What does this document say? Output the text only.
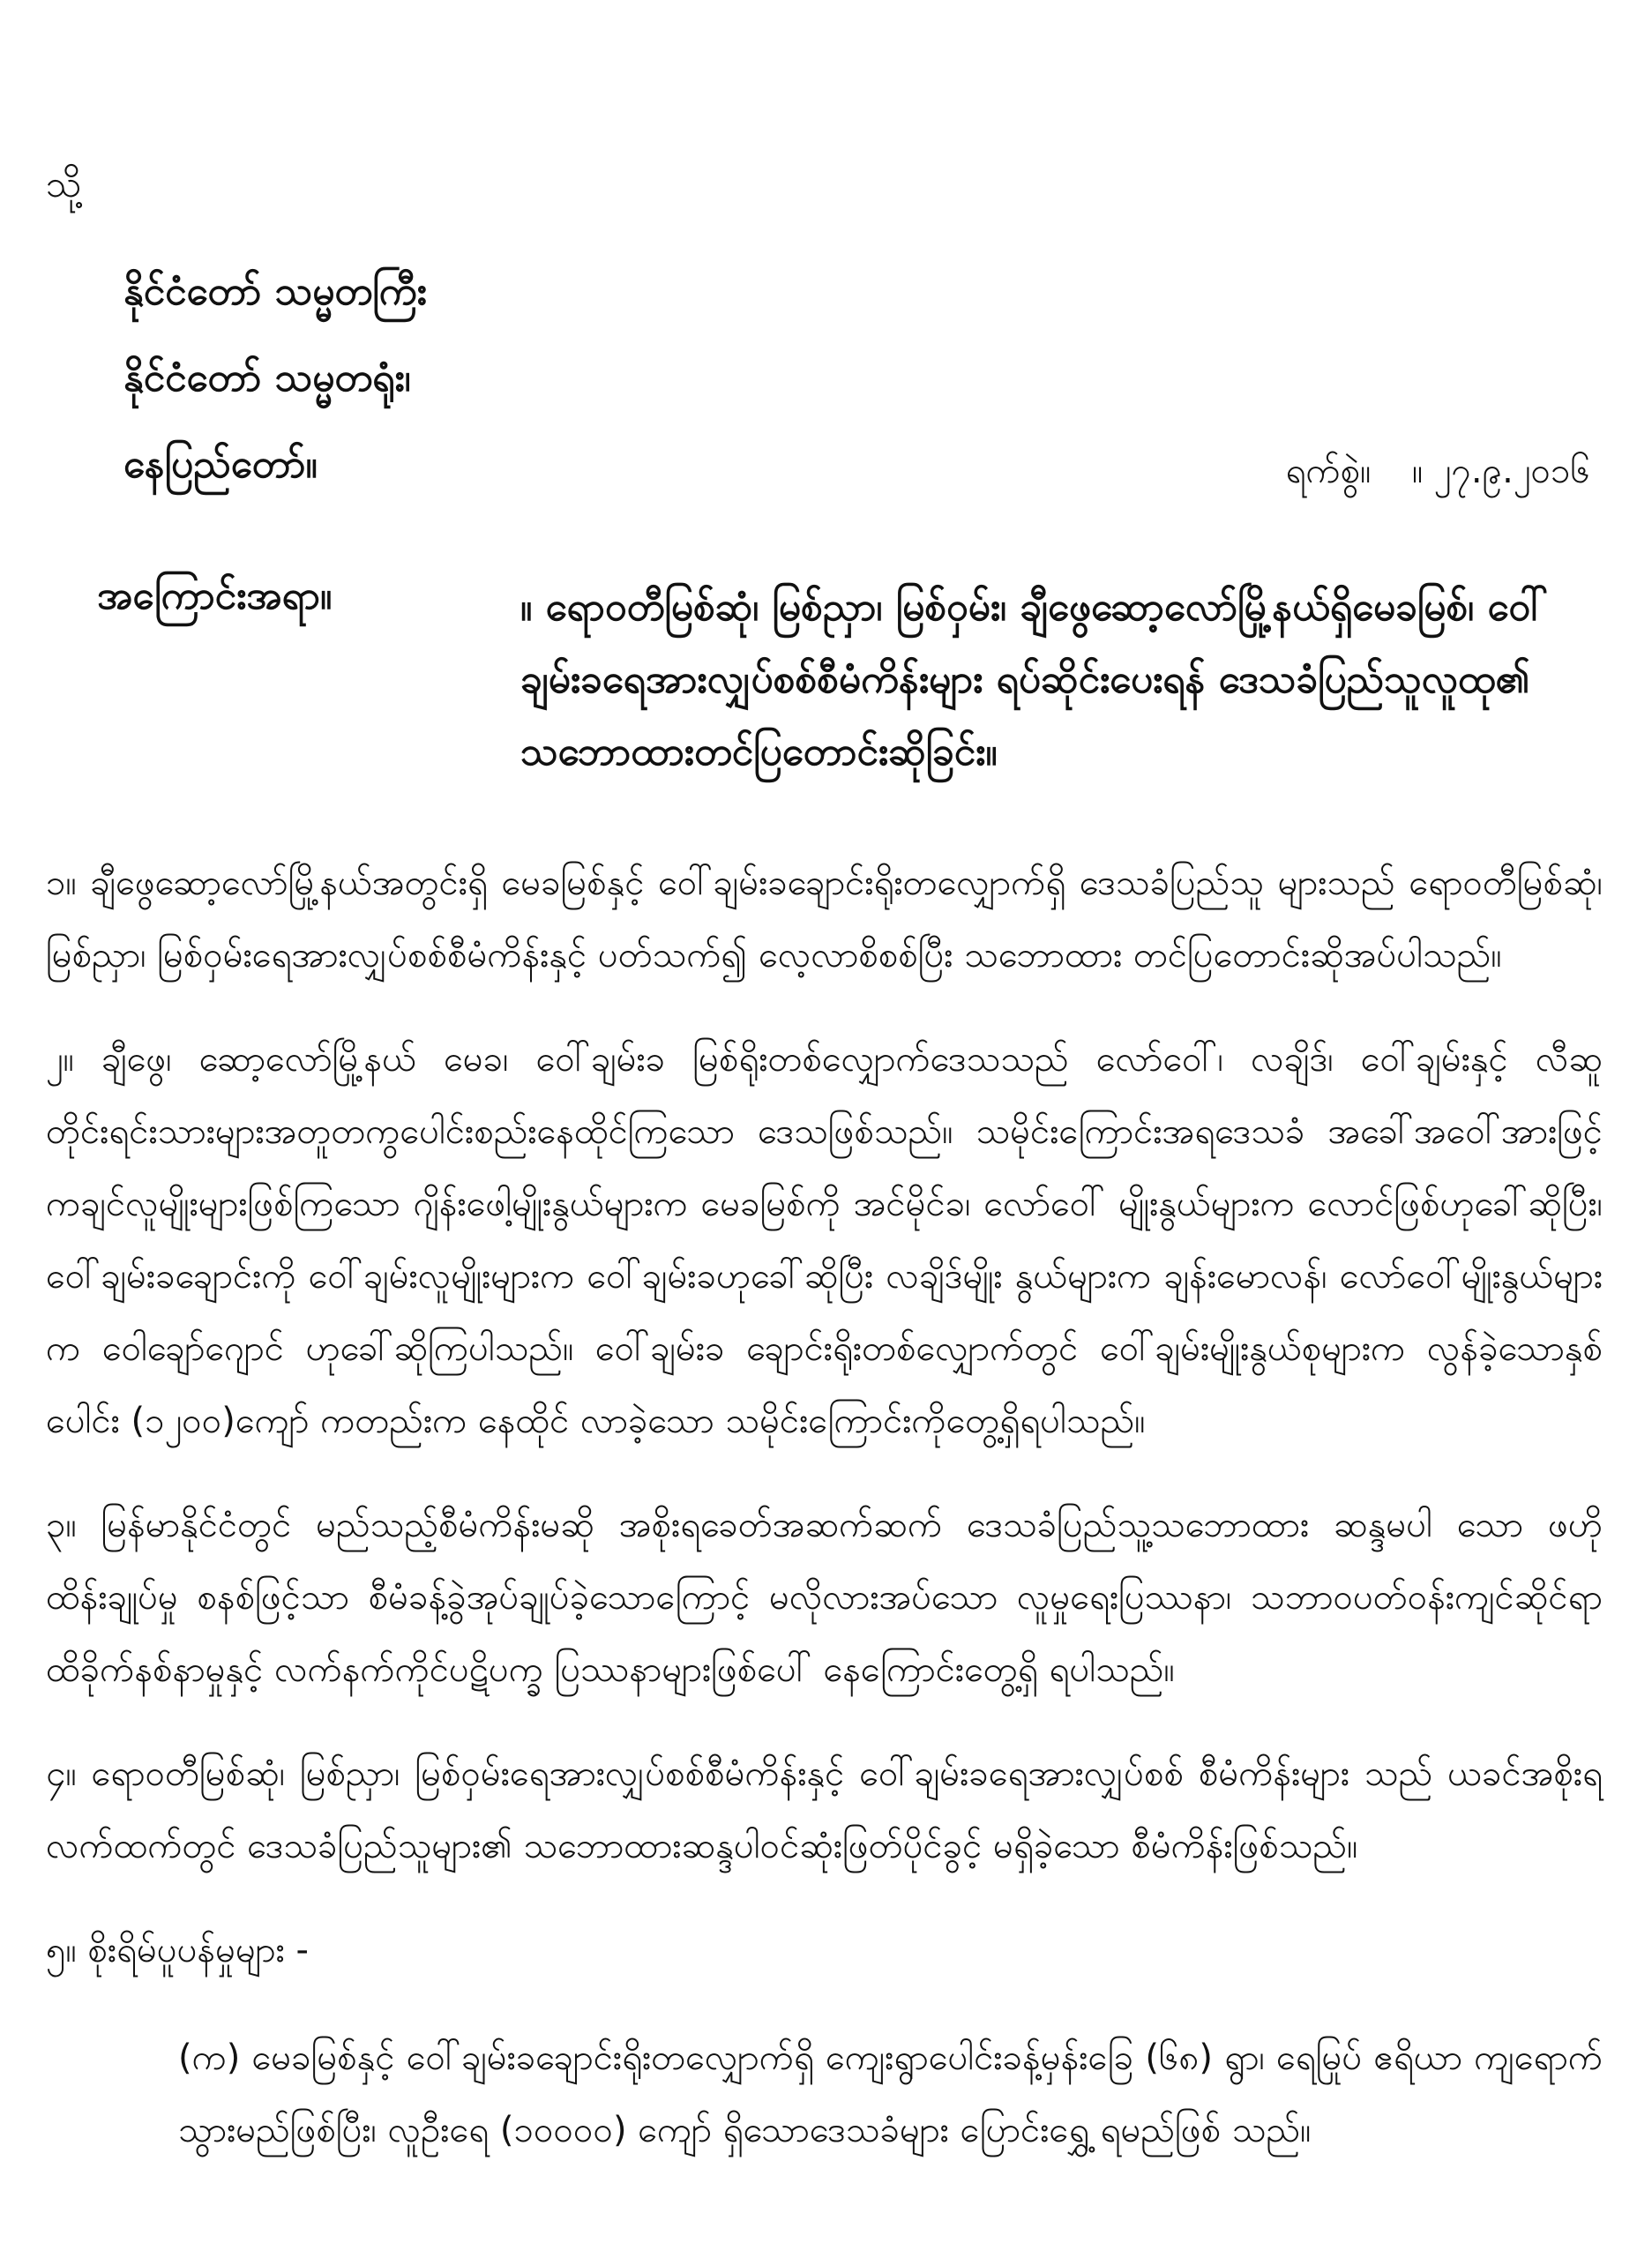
သို့
နိုင်ငံတော် သမ္မတကြီး
နိုင်ငံတော် သမ္မတရုံး၊
နေပြည်တော်။	ရက်စွဲ။ ။ ၂၇.၉.၂၀၁၆
အကြောင်းအရာ။	။ ရောဝတီမြစ်ဆုံ၊ မြစ်ညှာ၊ မြစ်ဝှမ်း၊ ချီဖွေဆော့လော်မြို့နယ်ရှိမေခမြစ်၊ ဝေါ်ချမ်းခရေအားလျှပ်စစ်စီမံကိန်းများ ရပ်ဆိုင်းပေးရန် ဒေသခံပြည်သူလူထု၏ သဘောထားတင်ပြတောင်းဆိုခြင်း။

၁။ ချီဖွေဆော့လော်မြို့နယ်အတွင်းရှိ မေခမြစ်နှင့် ဝေါ်ချမ်းခချောင်းရိုးတလျှောက်ရှိ ဒေသခံပြည်သူ များသည် ရောဝတီမြစ်ဆုံ၊ မြစ်ညှာ၊ မြစ်ဝှမ်းရေအားလျှပ်စစ်စီမံကိန်းနှင့် ပတ်သက်၍ လေ့လာစိစစ်ပြီး သဘောထား တင်ပြတောင်းဆိုအပ်ပါသည်။

၂။ ချီဖွေ၊ ဆော့လော်မြို့နယ် မေခ၊ ဝေါ်ချမ်းခ မြစ်ရိုးတစ်လျှောက်ဒေသသည် လော်ဝေါ်၊ လချိဒ်၊ ဝေါ်ချမ်းနှင့် လီဆူတိုင်းရင်းသားများအတူတကွပေါင်းစည်းနေထိုင်ကြသော ဒေသဖြစ်သည်။ သမိုင်းကြောင်းအရဒေသခံ အခေါ်အဝေါ်အားဖြင့် ကချင်လူမျိုးများဖြစ်ကြသော ဂျိန်းဖေါ့မျိုးနွယ်များက မေခမြစ်ကို အင်မိုင်ခ၊ လော်ဝေါ် မျိုးနွယ်များက လောင်ဖြစ်ဟုခေါ်ဆိုပြီး၊ ဝေါ်ချမ်းခချောင်းကို ဝေါ်ချမ်းလူမျိုးများက ဝေါ်ချမ်းခဟုခေါ်ဆိုပြီး လချိဒ်မျိုး နွယ်များက ချန်းမောလန်၊ လော်ဝေါ်မျိုးနွယ်များက ဝေါချော်ဂျောင် ဟုခေါ်ဆိုကြပါသည်။ ဝေါ်ချမ်းခ ချောင်းရိုးတစ်လျှောက်တွင် ဝေါ်ချမ်းမျိုးနွယ်စုများက လွန်ခဲ့သောနှစ်ပေါင်း (၁၂၀၀)ကျော် ကတည်းက နေထိုင် လာခဲ့သော သမိုင်းကြောင်းကိုတွေ့ရှိရပါသည်။

၃။ မြန်မာနိုင်ငံတွင် မည်သည့်စီမံကိန်းမဆို အစိုးရခေတ်အဆက်ဆက် ဒေသခံပြည်သူ့သဘောထား ဆန္ဒမပါ သော ဖဟိုထိန်းချုပ်မှု စနစ်ဖြင့်သာ စီမံခန့်ခွဲအုပ်ချုပ်ခဲ့သောကြောင့် မလိုလားအပ်သော လူမှုရေးပြဿနာ၊ သဘာဝပတ်ဝန်းကျင်ဆိုင်ရာထိခိုက်နစ်နာမှုနှင့် လက်နက်ကိုင်ပဋိပက္ခ ပြဿနာများဖြစ်ပေါ် နေကြောင်းတွေ့ရှိ ရပါသည်။

၄။ ရောဝတီမြစ်ဆုံ၊ မြစ်ညှာ၊ မြစ်ဝှမ်းရေအားလျှပ်စစ်စီမံကိန်းနှင့် ဝေါ်ချမ်းခရေအားလျှပ်စစ် စီမံကိန်းများ သည် ယခင်အစိုးရလက်ထက်တွင် ဒေသခံပြည်သူများ၏ သဘောထားဆန္ဒပါဝင်ဆုံးဖြတ်ပိုင်ခွင့် မရှိခဲ့သော စီမံကိန်းဖြစ်သည်။

၅။ စိုးရိမ်ပူပန်မှုများ -

(က) မေခမြစ်နှင့် ဝေါ်ချမ်းခချောင်းရိုးတလျှောက်ရှိ ကျေးရွာပေါင်းခန့်မှန်းခြေ (၆၈) ရွာ၊ ရေမြုပ် ဧရိယာ ကျရောက်သွားမည်ဖြစ်ပြီး၊ လူဦးရေ (၁၀၀၀၀) ကျော် ရှိသောဒေသခံများ ပြောင်းရွှေ့ ရမည်ဖြစ် သည်။
